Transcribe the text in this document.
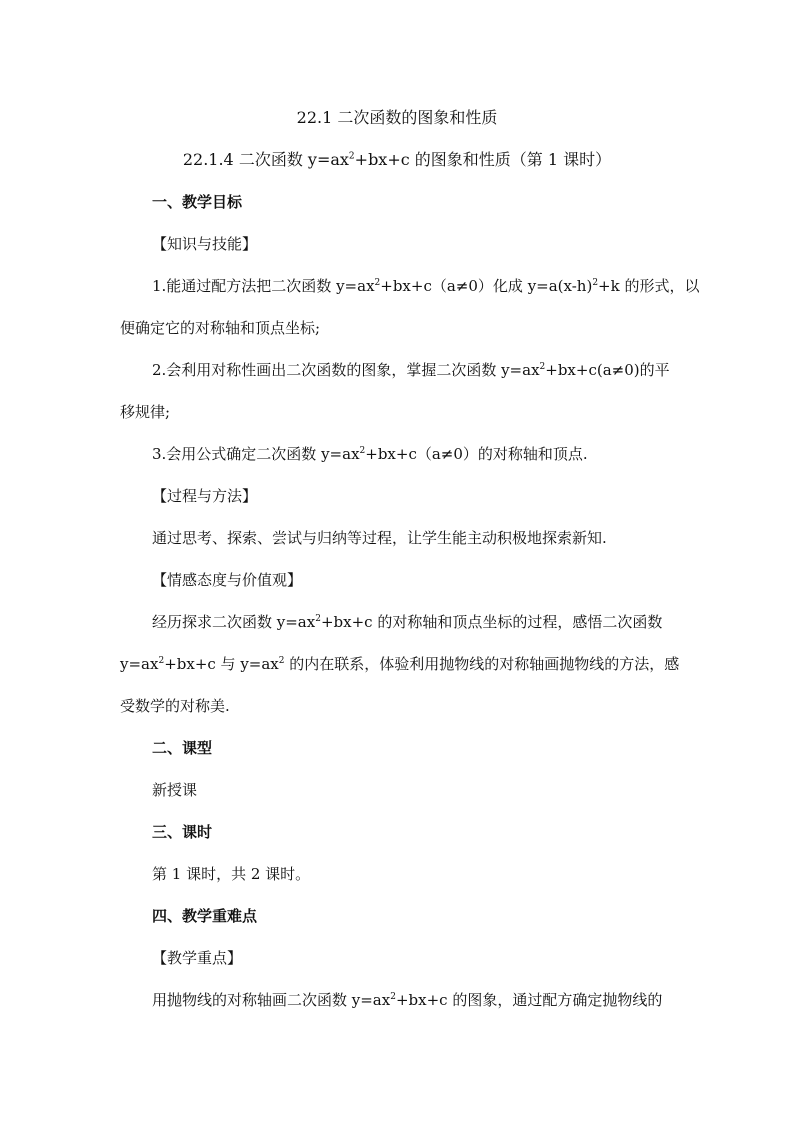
22.1 二次函数的图象和性质
22.1.4 二次函数 $y=ax^2+bx+c$ 的图象和性质（第 1 课时）
一、教学目标
【知识与技能】
1.能通过配方法把二次函数 $y=ax^2+bx+c(a\ne 0)$化成 $y=a(x-h)^2+k$ 的形式，以
便确定它的对称轴和顶点坐标;
2.会利用对称性画出二次函数的图象，掌握二次函数 $y=ax^2+bx+c(a\ne 0)$的平
移规律;
3.会用公式确定二次函数 $y=ax^2+bx+c(a\ne 0)$的对称轴和顶点.
【过程与方法】
通过思考、探索、尝试与归纳等过程，让学生能主动积极地探索新知.
【情感态度与价值观】
经历探求二次函数 $y=ax^2+bx+c$ 的对称轴和顶点坐标的过程，感悟二次函数
$y=ax^2+bx+c$ 与 $y=ax^2$ 的内在联系，体验利用抛物线的对称轴画抛物线的方法，感
受数学的对称美.
二、课型
新授课
三、课时
第 1 课时，共 2 课时。
四、教学重难点
【教学重点】
用抛物线的对称轴画二次函数 $y=ax^2+bx+c$ 的图象，通过配方确定抛物线的
